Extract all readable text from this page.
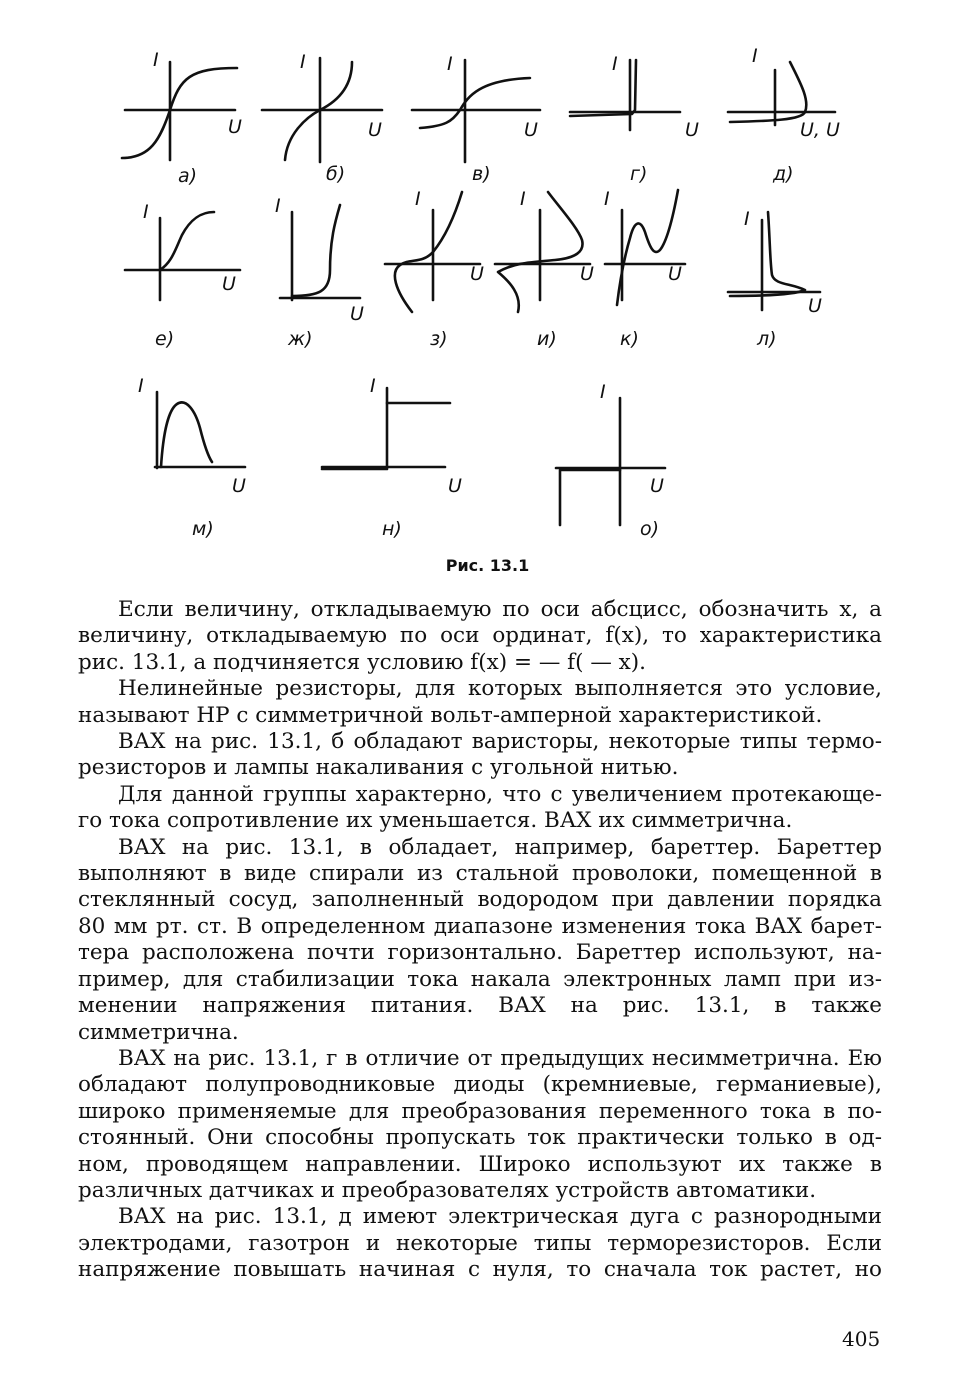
I
U
I
U
I
U
I
U
I
U, U
I
U
I
U
I
U
I
U
I
U
I
U
I
U
I
U
I
U
а)	б)	в)	г)	д)
е)	ж)	з)	и)	к)	л)
м)	н)	о)
Рис. 13.1
Если величину, откладываемую по оси абсцисс, обозначить x, а
величину, откладываемую по оси ординат, f(x), то характеристика
рис. 13.1, а подчиняется условию f(x) = — f( — x).
Нелинейные резисторы, для которых выполняется это условие,
называют НР с симметричной вольт-амперной характеристикой.
ВАХ на рис. 13.1, б обладают варисторы, некоторые типы термо-
резисторов и лампы накаливания с угольной нитью.
Для данной группы характерно, что с увеличением протекающе-
го тока сопротивление их уменьшается. ВАХ их симметрична.
ВАХ на рис. 13.1, в обладает, например, бареттер. Бареттер
выполняют в виде спирали из стальной проволоки, помещенной в
стеклянный сосуд, заполненный водородом при давлении порядка
80 мм рт. ст. В определенном диапазоне изменения тока ВАХ барет-
тера расположена почти горизонтально. Бареттер используют, на-
пример, для стабилизации тока накала электронных ламп при из-
менении напряжения питания. ВАХ на рис. 13.1, в также
симметрична.
ВАХ на рис. 13.1, г в отличие от предыдущих несимметрична. Ею
обладают полупроводниковые диоды (кремниевые, германиевые),
широко применяемые для преобразования переменного тока в по-
стоянный. Они способны пропускать ток практически только в од-
ном, проводящем направлении. Широко используют их также в
различных датчиках и преобразователях устройств автоматики.
ВАХ на рис. 13.1, д имеют электрическая дуга с разнородными
электродами, газотрон и некоторые типы терморезисторов. Если
напряжение повышать начиная с нуля, то сначала ток растет, но
405
